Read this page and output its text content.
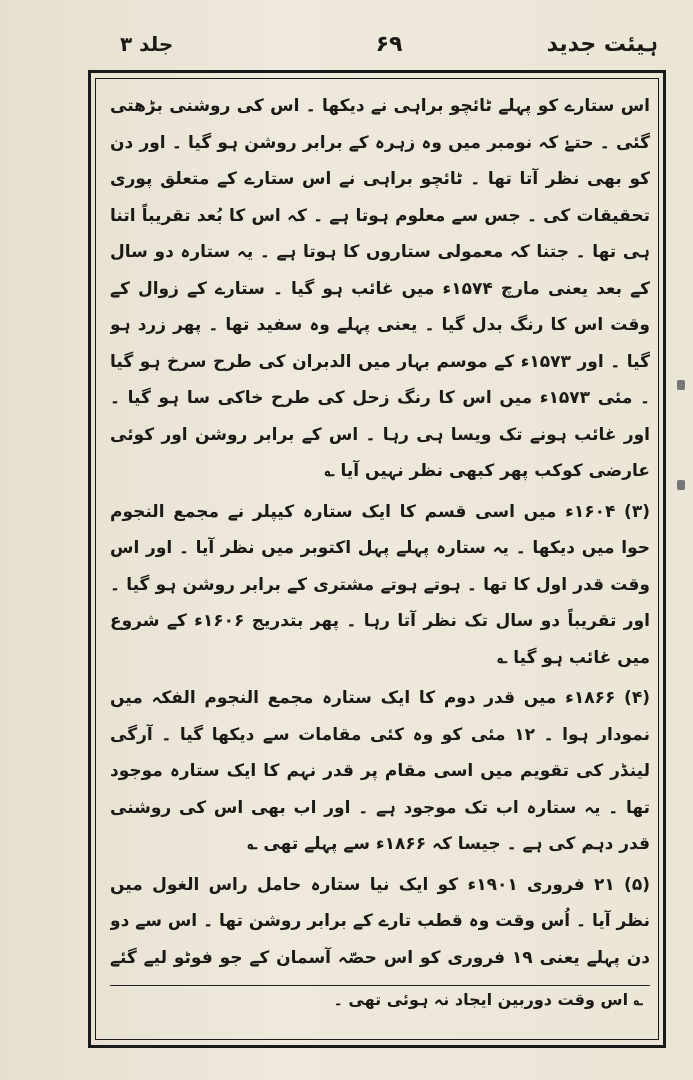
ہیئت جدید
۶۹
جلد ۳

اس ستارے کو پہلے ٹائچو براہی نے دیکھا ۔ اس کی روشنی بڑھتی گئی ۔ حتےٰ کہ نومبر میں وہ زہرہ کے برابر روشن ہو گیا ۔ اور دن کو بھی نظر آتا تھا ۔ ٹائچو براہی نے اس ستارے کے متعلق پوری تحقیقات کی ۔ جس سے معلوم ہوتا ہے ۔ کہ اس کا بُعد تقریباً اتنا ہی تھا ۔ جتنا کہ معمولی ستاروں کا ہوتا ہے ۔ یہ ستارہ دو سال کے بعد یعنی مارچ ۱۵۷۴ء میں غائب ہو گیا ۔ ستارے کے زوال کے وقت اس کا رنگ بدل گیا ۔ یعنی پہلے وہ سفید تھا ۔ پھر زرد ہو گیا ۔ اور ۱۵۷۳ء کے موسم بہار میں الدبران کی طرح سرخ ہو گیا ۔ مئی ۱۵۷۳ء میں اس کا رنگ زحل کی طرح خاکی سا ہو گیا ۔ اور غائب ہونے تک ویسا ہی رہا ۔ اس کے برابر روشن اور کوئی عارضی کوکب پھر کبھی نظر نہیں آیا ؎

(۳) ۱۶۰۴ء میں اسی قسم کا ایک ستارہ کیپلر نے مجمع النجوم حوا میں دیکھا ۔ یہ ستارہ پہلے پہل اکتوبر میں نظر آیا ۔ اور اس وقت قدر اول کا تھا ۔ ہوتے ہوتے مشتری کے برابر روشن ہو گیا ۔ اور تقریباً دو سال تک نظر آتا رہا ۔ پھر بتدریج ۱۶۰۶ء کے شروع میں غائب ہو گیا ؎

(۴) ۱۸۶۶ء میں قدر دوم کا ایک ستارہ مجمع النجوم الفکہ میں نمودار ہوا ۔ ۱۲ مئی کو وہ کئی مقامات سے دیکھا گیا ۔ آرگی لینڈر کی تقویم میں اسی مقام پر قدر نہم کا ایک ستارہ موجود تھا ۔ یہ ستارہ اب تک موجود ہے ۔ اور اب بھی اس کی روشنی قدر دہم کی ہے ۔ جیسا کہ ۱۸۶۶ء سے پہلے تھی ؎

(۵) ۲۱ فروری ۱۹۰۱ء کو ایک نیا ستارہ حامل راس الغول میں نظر آیا ۔ اُس وقت وہ قطب تارے کے برابر روشن تھا ۔ اس سے دو دن پہلے یعنی ۱۹ فروری کو اس حصّہ آسمان کے جو فوٹو لیے گئے

؎ اس وقت دوربین ایجاد نہ ہوئی تھی ۔
